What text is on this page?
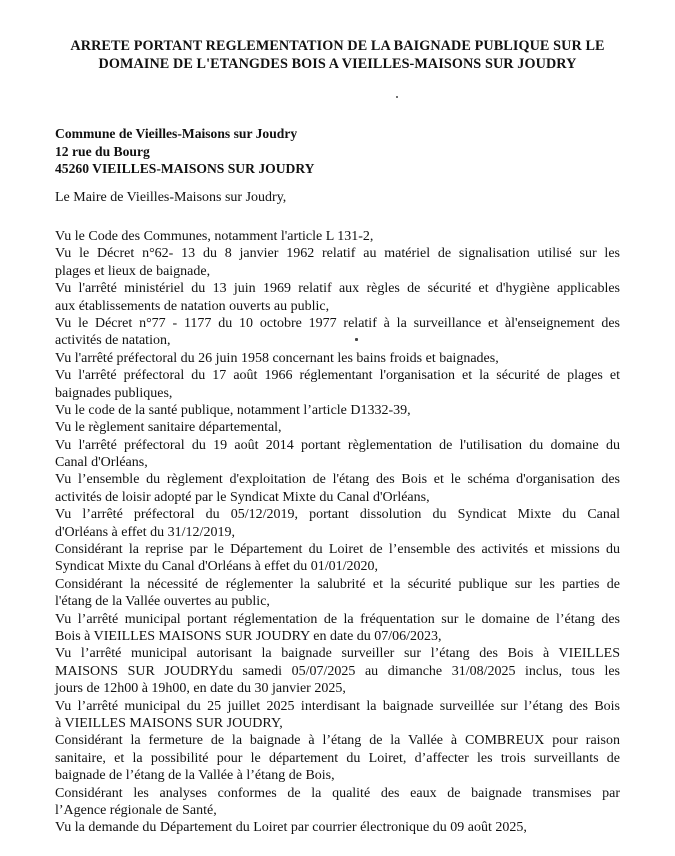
ARRETE PORTANT REGLEMENTATION DE LA BAIGNADE PUBLIQUE SUR LE
DOMAINE DE L'ETANGDES BOIS A VIEILLES-MAISONS SUR JOUDRY
Commune de Vieilles-Maisons sur Joudry
12 rue du Bourg
45260 VIEILLES-MAISONS SUR JOUDRY
Le Maire de Vieilles-Maisons sur Joudry,
Vu le Code des Communes, notamment l'article L 131-2,
Vu le Décret n°62- 13 du 8 janvier 1962 relatif au matériel de signalisation utilisé sur les
plages et lieux de baignade,
Vu l'arrêté ministériel du 13 juin 1969 relatif aux règles de sécurité et d'hygiène applicables
aux établissements de natation ouverts au public,
Vu le Décret n°77 - 1177 du 10 octobre 1977 relatif à la surveillance et àl'enseignement des
activités de natation,
Vu l'arrêté préfectoral du 26 juin 1958 concernant les bains froids et baignades,
Vu l'arrêté préfectoral du 17 août 1966 réglementant l'organisation et la sécurité de plages et
baignades publiques,
Vu le code de la santé publique, notamment l’article D1332-39,
Vu le règlement sanitaire départemental,
Vu l'arrêté préfectoral du 19 août 2014 portant règlementation de l'utilisation du domaine du
Canal d'Orléans,
Vu l’ensemble du règlement d'exploitation de l'étang des Bois et le schéma d'organisation des
activités de loisir adopté par le Syndicat Mixte du Canal d'Orléans,
Vu l’arrêté préfectoral du 05/12/2019, portant dissolution du Syndicat Mixte du Canal
d'Orléans à effet du 31/12/2019,
Considérant la reprise par le Département du Loiret de l’ensemble des activités et missions du
Syndicat Mixte du Canal d'Orléans à effet du 01/01/2020,
Considérant la nécessité de réglementer la salubrité et la sécurité publique sur les parties de
l'étang de la Vallée ouvertes au public,
Vu l’arrêté municipal portant réglementation de la fréquentation sur le domaine de l’étang des
Bois à VIEILLES MAISONS SUR JOUDRY en date du 07/06/2023,
Vu l’arrêté municipal autorisant la baignade surveiller sur l’étang des Bois à VIEILLES
MAISONS SUR JOUDRYdu samedi 05/07/2025 au dimanche 31/08/2025 inclus, tous les
jours de 12h00 à 19h00, en date du 30 janvier 2025,
Vu l’arrêté municipal du 25 juillet 2025 interdisant la baignade surveillée sur l’étang des Bois
à VIEILLES MAISONS SUR JOUDRY,
Considérant la fermeture de la baignade à l’étang de la Vallée à COMBREUX pour raison
sanitaire, et la possibilité pour le département du Loiret, d’affecter les trois surveillants de
baignade de l’étang de la Vallée à l’étang de Bois,
Considérant les analyses conformes de la qualité des eaux de baignade transmises par
l’Agence régionale de Santé,
Vu la demande du Département du Loiret par courrier électronique du 09 août 2025,
